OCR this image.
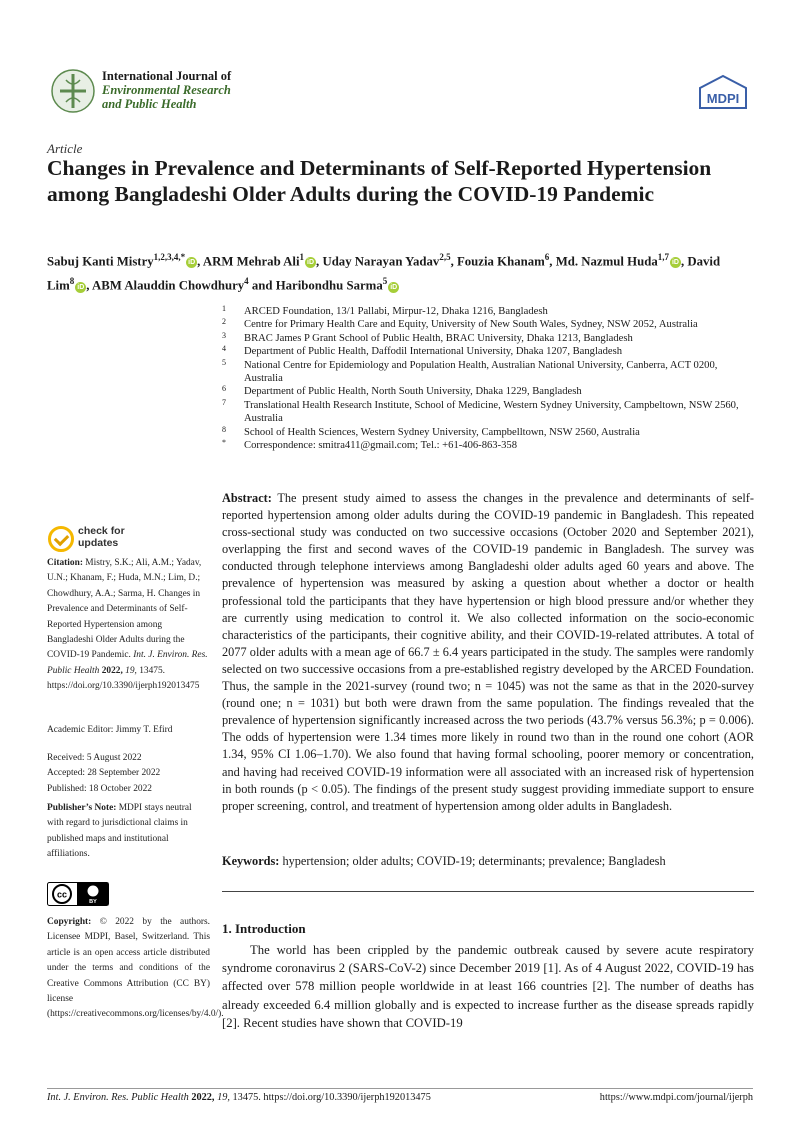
International Journal of
Environmental Research
and Public Health	MDPI
Article
Changes in Prevalence and Determinants of Self-Reported Hypertension among Bangladeshi Older Adults during the COVID-19 Pandemic
Sabuj Kanti Mistry$^{1,2,3,4,*}$iD , ARM Mehrab Ali$^1$iD , Uday Narayan Yadav$^{2,5}$, Fouzia Khanam$^6$, Md. Nazmul Huda$^{1,7}$iD , David Lim$^8$iD , ABM Alauddin Chowdhury$^4$ and Haribondhu Sarma$^5$iD
1 ARCED Foundation, 13/1 Pallabi, Mirpur-12, Dhaka 1216, Bangladesh
2 Centre for Primary Health Care and Equity, University of New South Wales, Sydney, NSW 2052, Australia
3 BRAC James P Grant School of Public Health, BRAC University, Dhaka 1213, Bangladesh
4 Department of Public Health, Daffodil International University, Dhaka 1207, Bangladesh
5 National Centre for Epidemiology and Population Health, Australian National University, Canberra, ACT 0200, Australia
6 Department of Public Health, North South University, Dhaka 1229, Bangladesh
7 Translational Health Research Institute, School of Medicine, Western Sydney University, Campbeltown, NSW 2560, Australia
8 School of Health Sciences, Western Sydney University, Campbelltown, NSW 2560, Australia
* Correspondence: smitra411@gmail.com; Tel.: +61-406-863-358
Abstract: The present study aimed to assess the changes in the prevalence and determinants of self-reported hypertension among older adults during the COVID-19 pandemic in Bangladesh. This repeated cross-sectional study was conducted on two successive occasions (October 2020 and September 2021), overlapping the first and second waves of the COVID-19 pandemic in Bangladesh. The survey was conducted through telephone interviews among Bangladeshi older adults aged 60 years and above. The prevalence of hypertension was measured by asking a question about whether a doctor or health professional told the participants that they have hypertension or high blood pressure and/or whether they are currently using medication to control it. We also collected information on the socio-economic characteristics of the participants, their cognitive ability, and their COVID-19-related attributes. A total of 2077 older adults with a mean age of 66.7 ± 6.4 years participated in the study. The samples were randomly selected on two successive occasions from a pre-established registry developed by the ARCED Foundation. Thus, the sample in the 2021-survey (round two; n = 1045) was not the same as that in the 2020-survey (round one; n = 1031) but both were drawn from the same population. The findings revealed that the prevalence of hypertension significantly increased across the two periods (43.7% versus 56.3%; p = 0.006). The odds of hypertension were 1.34 times more likely in round two than in the round one cohort (AOR 1.34, 95% CI 1.06–1.70). We also found that having formal schooling, poorer memory or concentration, and having had received COVID-19 information were all associated with an increased risk of hypertension in both rounds (p < 0.05). The findings of the present study suggest providing immediate support to ensure proper screening, control, and treatment of hypertension among older adults in Bangladesh.
Keywords: hypertension; older adults; COVID-19; determinants; prevalence; Bangladesh
1. Introduction
The world has been crippled by the pandemic outbreak caused by severe acute respiratory syndrome coronavirus 2 (SARS-CoV-2) since December 2019 [1]. As of 4 August 2022, COVID-19 has affected over 578 million people worldwide in at least 166 countries [2]. The number of deaths has already exceeded 6.4 million globally and is expected to increase further as the disease spreads rapidly [2]. Recent studies have shown that COVID-19
check for updates
Citation: Mistry, S.K.; Ali, A.M.; Yadav, U.N.; Khanam, F.; Huda, M.N.; Lim, D.; Chowdhury, A.A.; Sarma, H. Changes in Prevalence and Determinants of Self-Reported Hypertension among Bangladeshi Older Adults during the COVID-19 Pandemic. Int. J. Environ. Res. Public Health 2022, 19, 13475. https://doi.org/10.3390/ijerph192013475
Academic Editor: Jimmy T. Efird
Received: 5 August 2022
Accepted: 28 September 2022
Published: 18 October 2022
Publisher’s Note: MDPI stays neutral with regard to jurisdictional claims in published maps and institutional affiliations.
cc
BY
Copyright: © 2022 by the authors. Licensee MDPI, Basel, Switzerland. This article is an open access article distributed under the terms and conditions of the Creative Commons Attribution (CC BY) license (https://creativecommons.org/licenses/by/4.0/).
Int. J. Environ. Res. Public Health 2022, 19, 13475. https://doi.org/10.3390/ijerph192013475	https://www.mdpi.com/journal/ijerph
